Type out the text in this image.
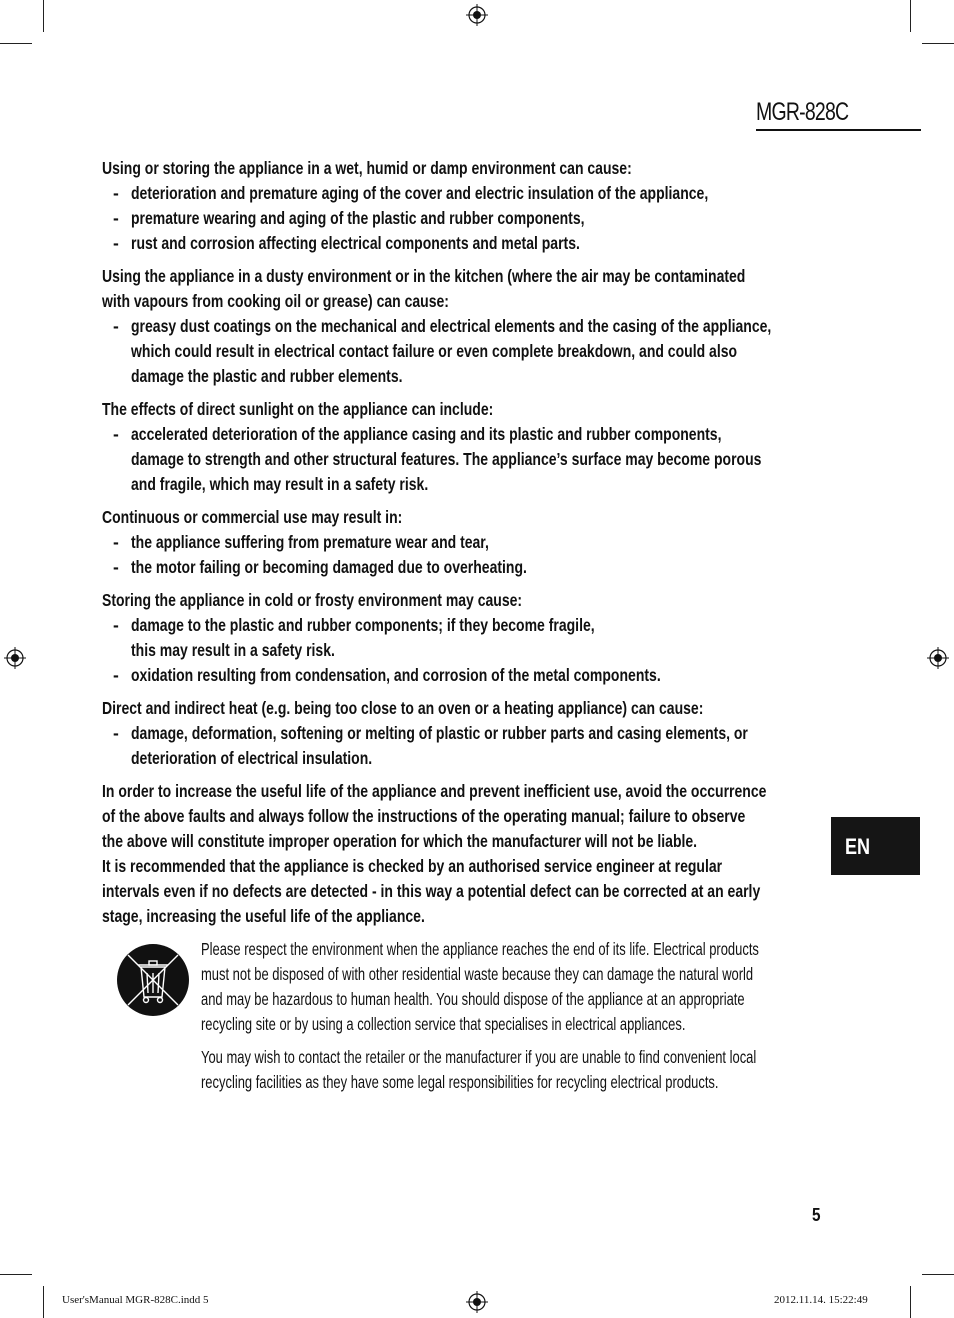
MGR-828C
Using or storing the appliance in a wet, humid or damp environment can cause:
- deterioration and premature aging of the cover and electric insulation of the appliance,
- premature wearing and aging of the plastic and rubber components,
- rust and corrosion affecting electrical components and metal parts.
Using the appliance in a dusty environment or in the kitchen (where the air may be contaminated
with vapours from cooking oil or grease) can cause:
- greasy dust coatings on the mechanical and electrical elements and the casing of the appliance,
which could result in electrical contact failure or even complete breakdown, and could also
damage the plastic and rubber elements.
The effects of direct sunlight on the appliance can include:
- accelerated deterioration of the appliance casing and its plastic and rubber components,
damage to strength and other structural features. The appliance’s surface may become porous
and fragile, which may result in a safety risk.
Continuous or commercial use may result in:
- the appliance suffering from premature wear and tear,
- the motor failing or becoming damaged due to overheating.
Storing the appliance in cold or frosty environment may cause:
- damage to the plastic and rubber components; if they become fragile,
this may result in a safety risk.
- oxidation resulting from condensation, and corrosion of the metal components.
Direct and indirect heat (e.g. being too close to an oven or a heating appliance) can cause:
- damage, deformation, softening or melting of plastic or rubber parts and casing elements, or
deterioration of electrical insulation.
In order to increase the useful life of the appliance and prevent inefficient use, avoid the occurrence
of the above faults and always follow the instructions of the operating manual; failure to observe
the above will constitute improper operation for which the manufacturer will not be liable.
It is recommended that the appliance is checked by an authorised service engineer at regular
intervals even if no defects are detected - in this way a potential defect can be corrected at an early
stage, increasing the useful life of the appliance.
Please respect the environment when the appliance reaches the end of its life. Electrical products
must not be disposed of with other residential waste because they can damage the natural world
and may be hazardous to human health. You should dispose of the appliance at an appropriate
recycling site or by using a collection service that specialises in electrical appliances.
You may wish to contact the retailer or the manufacturer if you are unable to find convenient local
recycling facilities as they have some legal responsibilities for recycling electrical products.
EN
5
User'sManual MGR-828C.indd 5	2012.11.14. 15:22:49
